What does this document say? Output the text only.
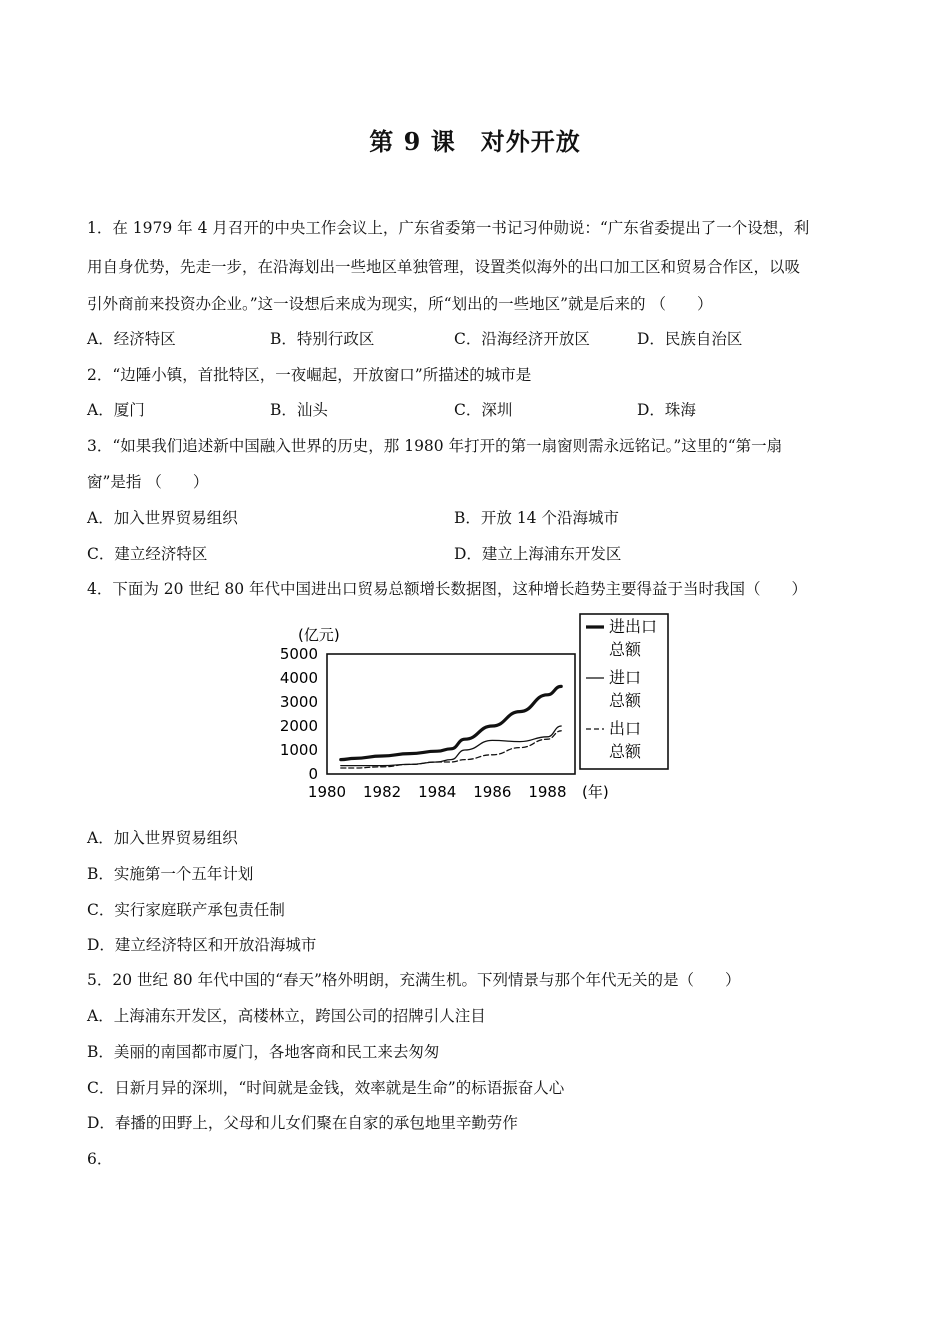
第 9 课　对外开放
1．在 1979 年 4 月召开的中央工作会议上，广东省委第一书记习仲勋说：“广东省委提出了一个设想，利
用自身优势，先走一步，在沿海划出一些地区单独管理，设置类似海外的出口加工区和贸易合作区，以吸
引外商前来投资办企业。”这一设想后来成为现实，所“划出的一些地区”就是后来的 （　　）
A．经济特区	B．特别行政区	C．沿海经济开放区	D．民族自治区
2．“边陲小镇，首批特区，一夜崛起，开放窗口”所描述的城市是
A．厦门	B．汕头	C．深圳	D．珠海
3．“如果我们追述新中国融入世界的历史，那 1980 年打开的第一扇窗则需永远铭记。”这里的“第一扇
窗”是指 （　　）
A．加入世界贸易组织	B．开放 14 个沿海城市
C．建立经济特区	D．建立上海浦东开发区
4．下面为 20 世纪 80 年代中国进出口贸易总额增长数据图，这种增长趋势主要得益于当时我国（　　）
(亿元)
5000
4000
3000
2000
1000
0
1980 1982 1984 1986 1988 (年)
进出口
总额
进口
总额
出口
总额
A．加入世界贸易组织
B．实施第一个五年计划
C．实行家庭联产承包责任制
D．建立经济特区和开放沿海城市
5．20 世纪 80 年代中国的“春天”格外明朗，充满生机。下列情景与那个年代无关的是（　　）
A．上海浦东开发区，高楼林立，跨国公司的招牌引人注目
B．美丽的南国都市厦门，各地客商和民工来去匆匆
C．日新月异的深圳，“时间就是金钱，效率就是生命”的标语振奋人心
D．春播的田野上，父母和儿女们聚在自家的承包地里辛勤劳作
6．
